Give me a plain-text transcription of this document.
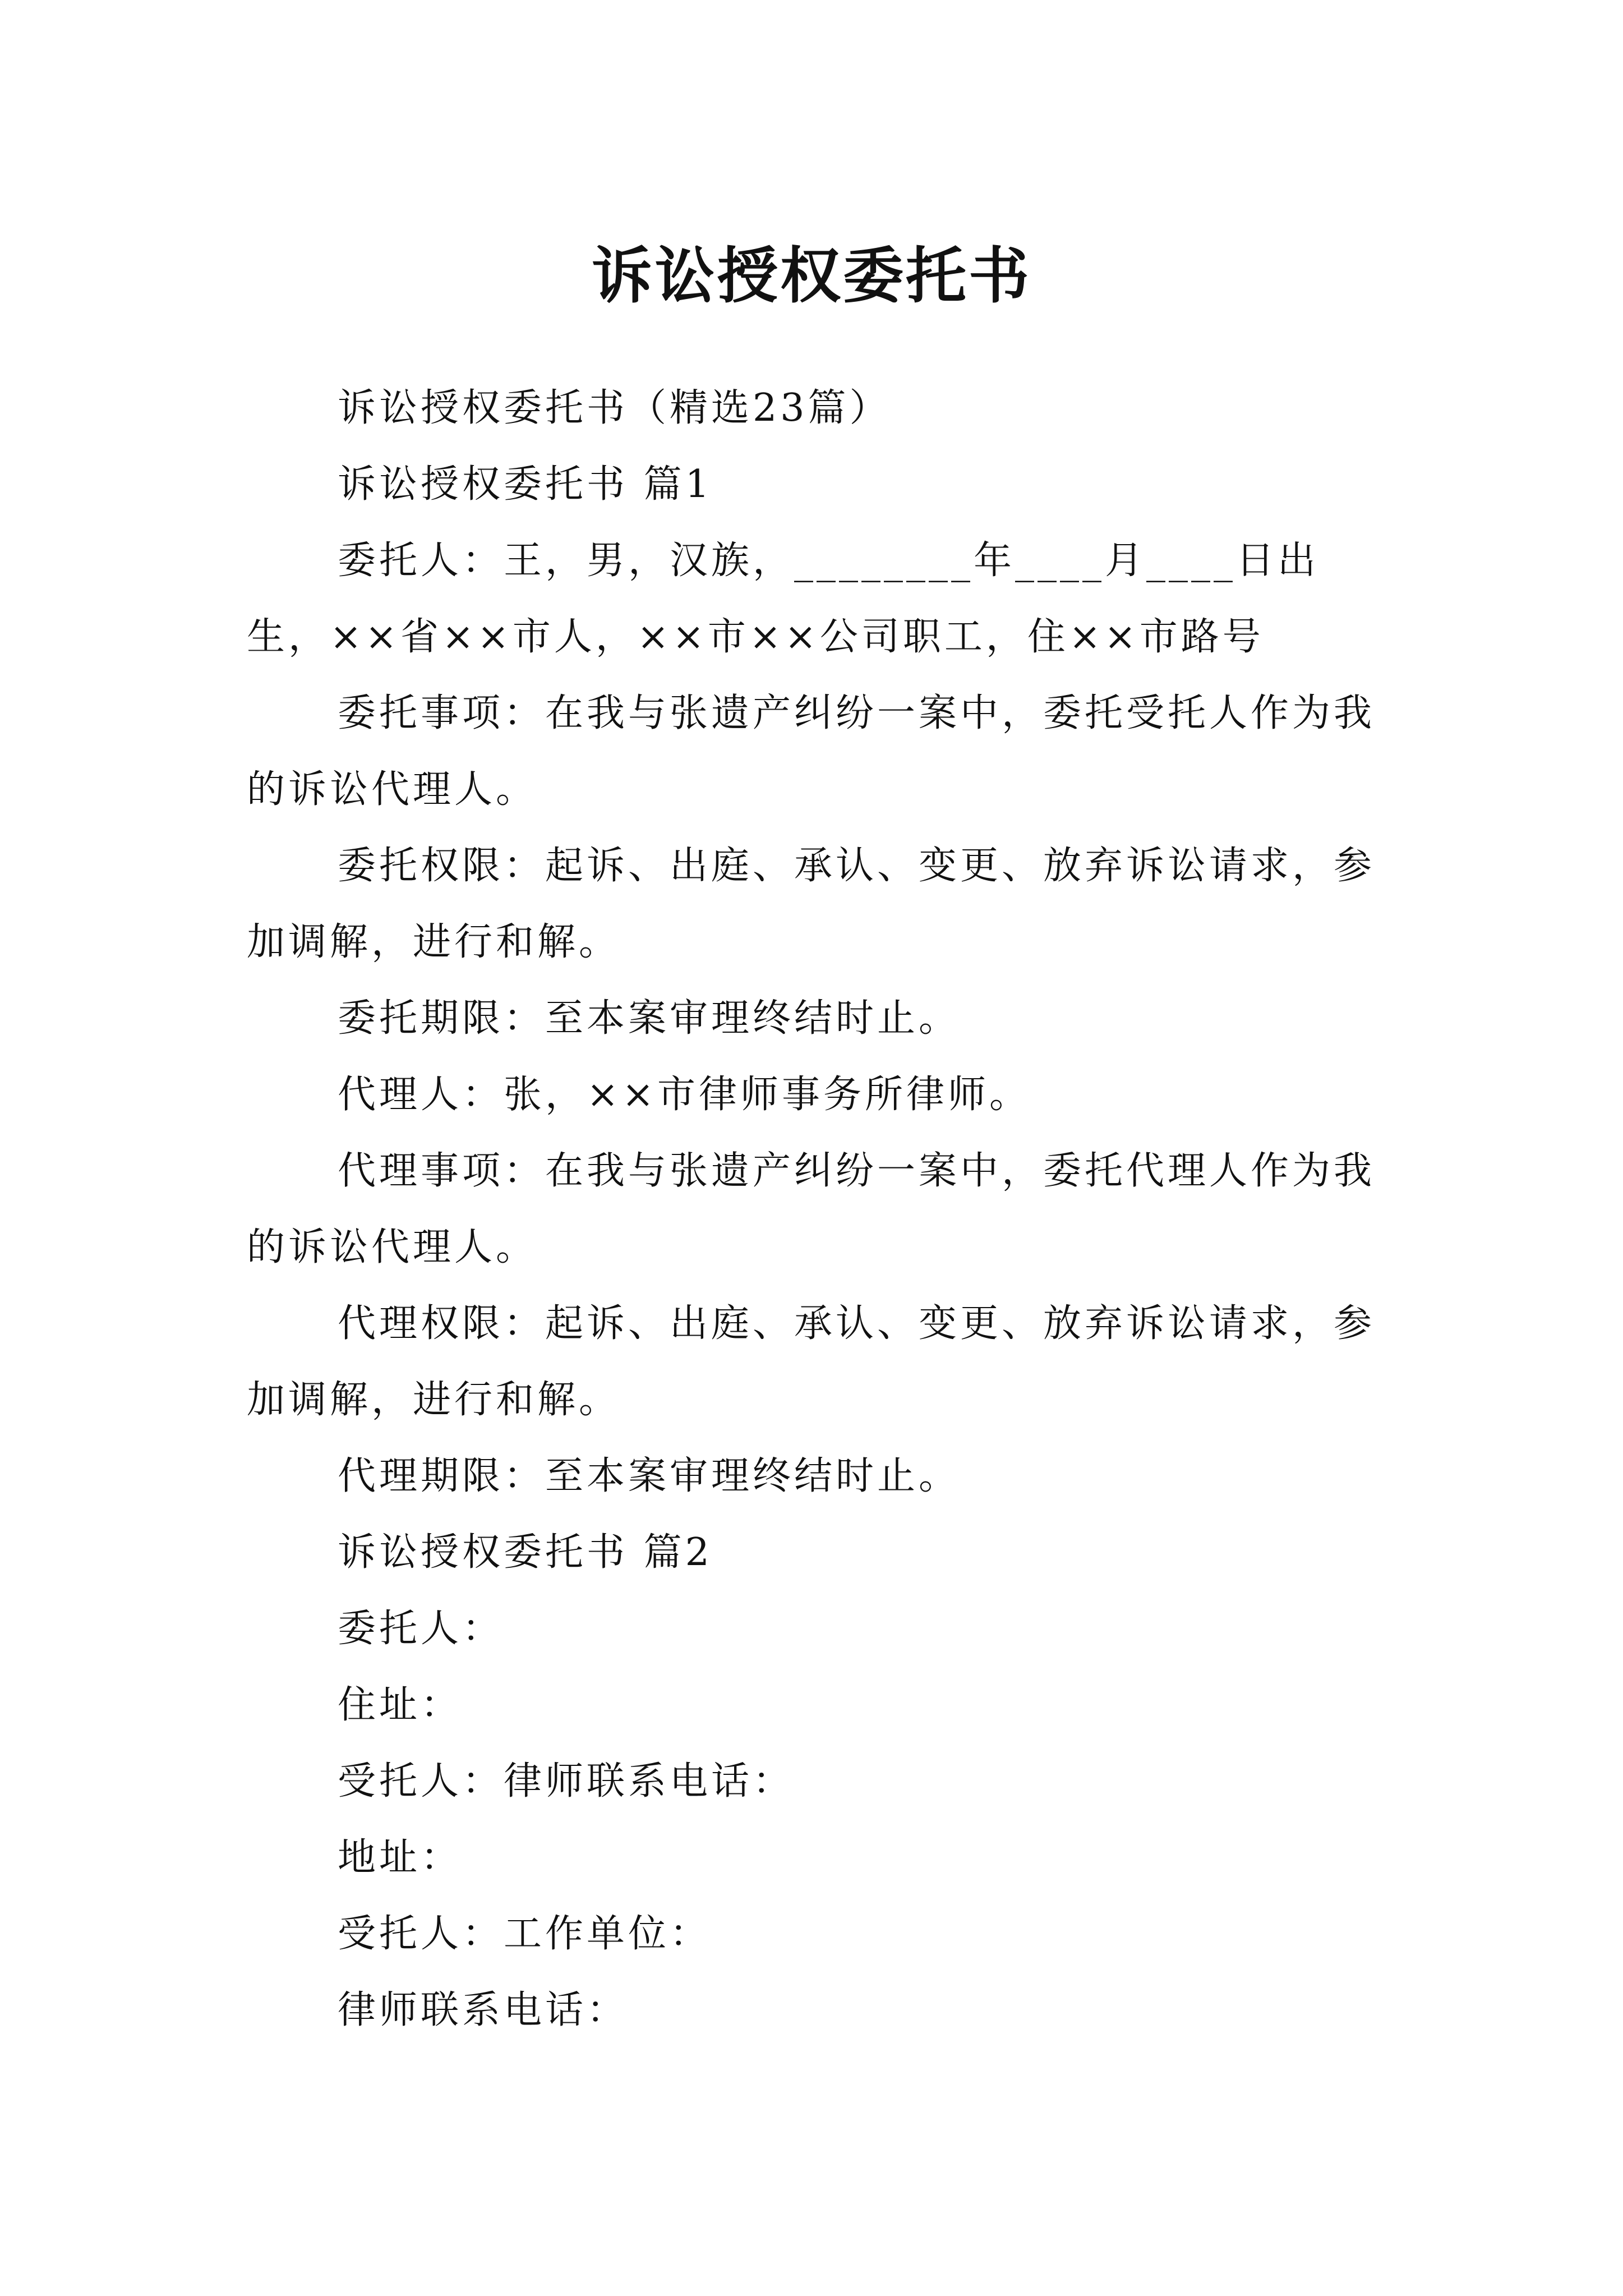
诉讼授权委托书

诉讼授权委托书（精选23篇）

诉讼授权委托书 篇1

委托人：王，男，汉族，________年____月____日出生，××省××市人，××市××公司职工，住××市路号

委托事项：在我与张遗产纠纷一案中，委托受托人作为我的诉讼代理人。

委托权限：起诉、出庭、承认、变更、放弃诉讼请求，参加调解，进行和解。

委托期限：至本案审理终结时止。

代理人：张，××市律师事务所律师。

代理事项：在我与张遗产纠纷一案中，委托代理人作为我的诉讼代理人。

代理权限：起诉、出庭、承认、变更、放弃诉讼请求，参加调解，进行和解。

代理期限：至本案审理终结时止。

诉讼授权委托书 篇2

委托人：

住址：

受托人：律师联系电话：

地址：

受托人：工作单位：

律师联系电话：
